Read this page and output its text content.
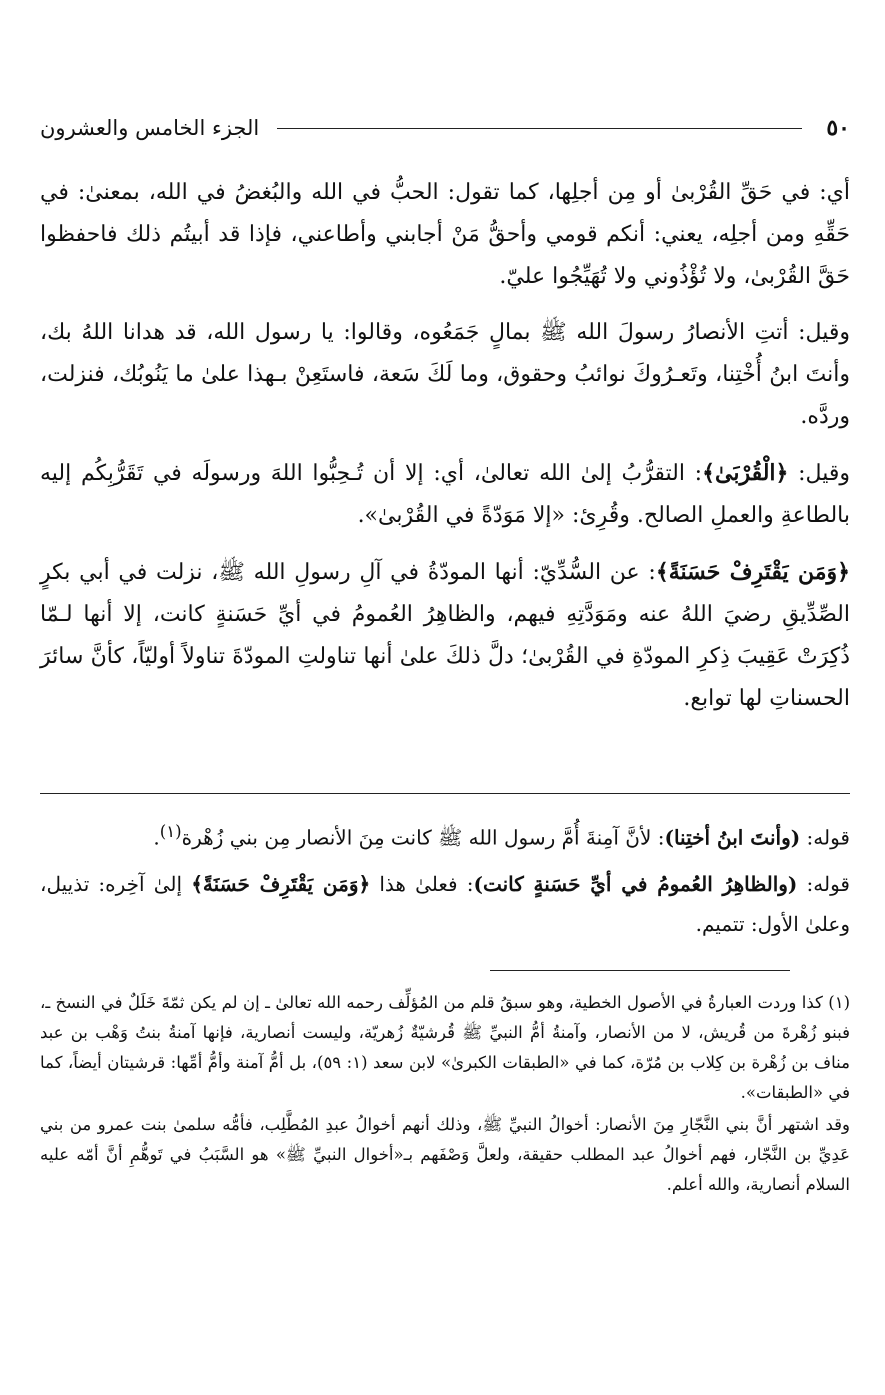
٥٠
الجزء الخامس والعشرون

أي: في حَقِّ القُرْبىٰ أو مِن أجلِها، كما تقول: الحبُّ في الله والبُغضُ في الله، بمعنىٰ: في حَقِّهِ ومن أجلِه، يعني: أنكم قومي وأحقُّ مَنْ أجابني وأطاعني، فإذا قد أبيتُم ذلك فاحفظوا حَقَّ القُرْبىٰ، ولا تُؤْذُوني ولا تُهَيِّجُوا عليّ.

وقيل: أتتِ الأنصارُ رسولَ الله ﷺ بمالٍ جَمَعُوه، وقالوا: يا رسول الله، قد هدانا اللهُ بك، وأنتَ ابنُ أُخْتِنا، وتَعـرُوكَ نوائبُ وحقوق، وما لَكَ سَعة، فاستَعِنْ بـهذا علىٰ ما يَنُوبُك، فنزلت، وردَّه.

وقيل: ﴿الْقُرْبَىٰ﴾: التقرُّبُ إلىٰ الله تعالىٰ، أي: إلا أن تُـحِبُّوا اللهَ ورسولَه في تَقَرُّبِكُم إليه بالطاعةِ والعملِ الصالح. وقُرِئ: «إلا مَوَدّةً في القُرْبىٰ».

﴿وَمَن يَقْتَرِفْ حَسَنَةً﴾: عن السُّدِّيّ: أنها المودّةُ في آلِ رسولِ الله ﷺ، نزلت في أبي بكرٍ الصِّدِّيقِ رضيَ اللهُ عنه ومَوَدَّتِهِ فيهم، والظاهِرُ العُمومُ في أيِّ حَسَنةٍ كانت، إلا أنها لـمّا ذُكِرَتْ عَقِيبَ ذِكرِ المودّةِ في القُرْبىٰ؛ دلَّ ذلكَ علىٰ أنها تناولتِ المودّةَ تناولاً أوليّاً، كأنَّ سائرَ الحسناتِ لها توابع.

قوله: (وأنتَ ابنُ أختِنا): لأنَّ آمِنةَ أُمَّ رسول الله ﷺ كانت مِنَ الأنصار مِن بني زُهْرة$^{(١)}$.

قوله: (والظاهِرُ العُمومُ في أيِّ حَسَنةٍ كانت): فعلىٰ هذا ﴿وَمَن يَقْتَرِفْ حَسَنَةً﴾ إلىٰ آخِره: تذييل، وعلىٰ الأول: تتميم.

(١) كذا وردت العبارةُ في الأصول الخطية، وهو سبقُ قلم من المُؤلِّف رحمه الله تعالىٰ ـ إن لم يكن ثمّةَ خَلَلٌ في النسخ ـ، فبنو زُهْرةَ من قُريش، لا من الأنصار، وآمنةُ أمُّ النبيِّ ﷺ قُرشيّةٌ زُهريّة، وليست أنصارية، فإنها آمنةُ بنتُ وَهْب بن عبد مناف بن زُهْرة بن كِلاب بن مُرّة، كما في «الطبقات الكبرىٰ» لابن سعد (١: ٥٩)، بل أمُّ آمنة وأمُّ أمِّها: قرشيتان أيضاً، كما في «الطبقات».

وقد اشتهر أنَّ بني النَّجّارِ مِنَ الأنصار: أخوالُ النبيِّ ﷺ، وذلك أنهم أخوالُ عبدِ المُطَّلِب، فأمُّه سلمىٰ بنت عمرو من بني عَدِيِّ بن النَّجّار، فهم أخوالُ عبد المطلب حقيقة، ولعلَّ وَصْفَهم بـ«أخوال النبيِّ ﷺ» هو السَّبَبُ في تَوهُّمِ أنَّ أمّه عليه السلام أنصارية، والله أعلم.
